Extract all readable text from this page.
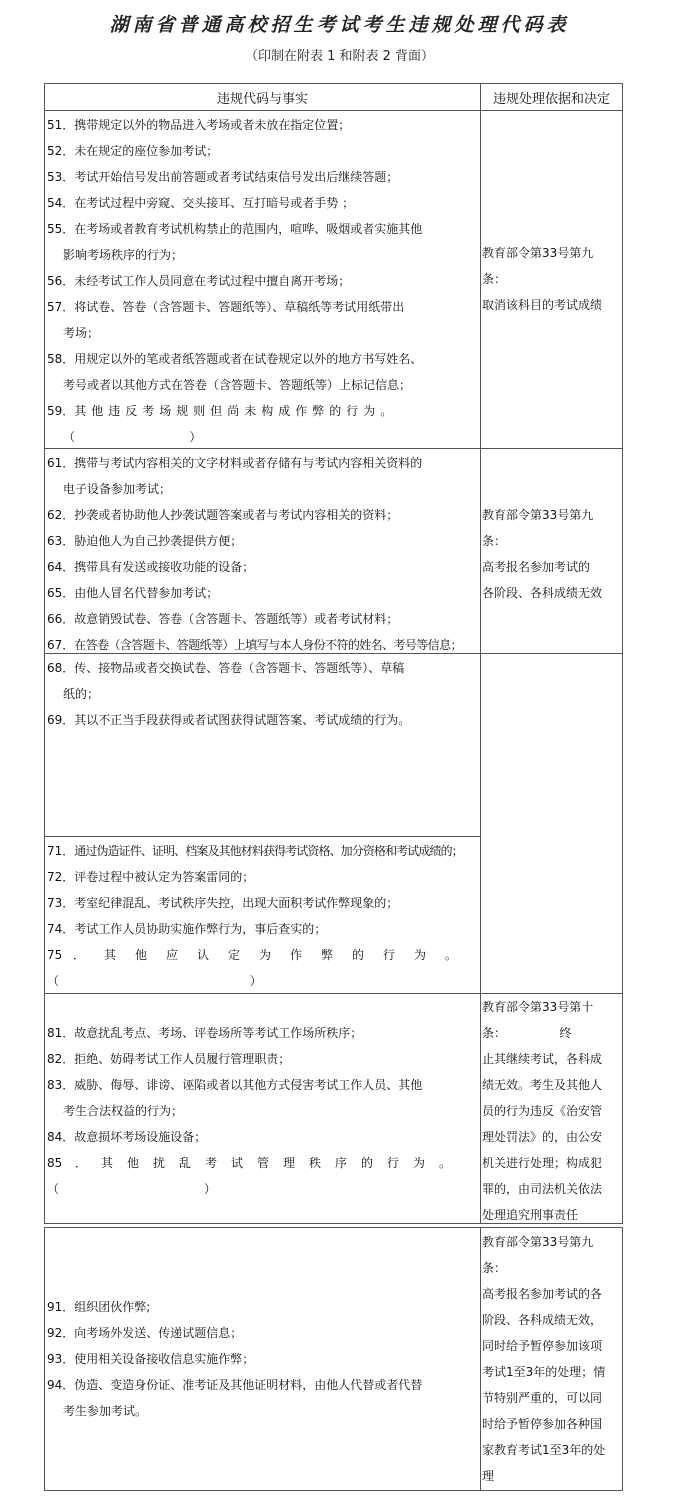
湖南省普通高校招生考试考生违规处理代码表
（印制在附表 1 和附表 2 背面）
违规代码与事实	违规处理依据和决定
51．携带规定以外的物品进入考场或者未放在指定位置；
52．未在规定的座位参加考试；
53．考试开始信号发出前答题或者考试结束信号发出后继续答题；
54．在考试过程中旁窥、交头接耳、互打暗号或者手势 ；
55．在考场或者教育考试机构禁止的范围内，喧哗、吸烟或者实施其他
影响考场秩序的行为；
56．未经考试工作人员同意在考试过程中擅自离开考场；
57．将试卷、答卷（含答题卡、答题纸等）、草稿纸等考试用纸带出
考场；
58．用规定以外的笔或者纸答题或者在试卷规定以外的地方书写姓名、
考号或者以其他方式在答卷（含答题卡、答题纸等）上标记信息；
59．其他违反考场规则但尚未构成作弊的行为。
（                              ）

教育部令第33号第九

条：

取消该科目的考试成绩

61．携带与考试内容相关的文字材料或者存储有与考试内容相关资料的
电子设备参加考试；
62．抄袭或者协助他人抄袭试题答案或者与考试内容相关的资料；
63．胁迫他人为自己抄袭提供方便；
64．携带具有发送或接收功能的设备；
65．由他人冒名代替参加考试；
66．故意销毁试卷、答卷（含答题卡、答题纸等）或者考试材料；
67．在答卷（含答题卡、答题纸等）上填写与本人身份不符的姓名、考号等信息；

教育部令第33号第九

条：

高考报名参加考试的

各阶段、各科成绩无效

68．传、接物品或者交换试卷、答卷（含答题卡、答题纸等）、草稿
纸的；
69．其以不正当手段获得或者试图获得试题答案、考试成绩的行为。
71．通过伪造证件、证明、档案及其他材料获得考试资格、加分资格和考试成绩的；
72．评卷过程中被认定为答案雷同的；
73．考室纪律混乱、考试秩序失控，出现大面积考试作弊现象的；
74．考试工作人员协助实施作弊行为，事后查实的；
75 ．其他应认定为作弊的行为。
（                                                  ）
81．故意扰乱考点、考场、评卷场所等考试工作场所秩序；
82．拒绝、妨碍考试工作人员履行管理职责；
83．威胁、侮辱、诽谤、诬陷或者以其他方式侵害考试工作人员、其他
考生合法权益的行为；
84．故意损坏考场设施设备；
85 ．其他扰乱考试管理秩序的行为。
（                                      ）

教育部令第33号第十

条：              终

止其继续考试，各科成

绩无效。考生及其他人

员的行为违反《治安管

理处罚法》的，由公安

机关进行处理；构成犯

罪的，由司法机关依法

处理追究刑事责任

91．组织团伙作弊;
92．向考场外发送、传递试题信息；
93．使用相关设备接收信息实施作弊；
94．伪造、变造身份证、准考证及其他证明材料，由他人代替或者代替
考生参加考试。

教育部令第33号第九

条：

高考报名参加考试的各

阶段、各科成绩无效，

同时给予暂停参加该项

考试1至3年的处理；情

节特别严重的，可以同

时给予暂停参加各种国

家教育考试1至3年的处

理
